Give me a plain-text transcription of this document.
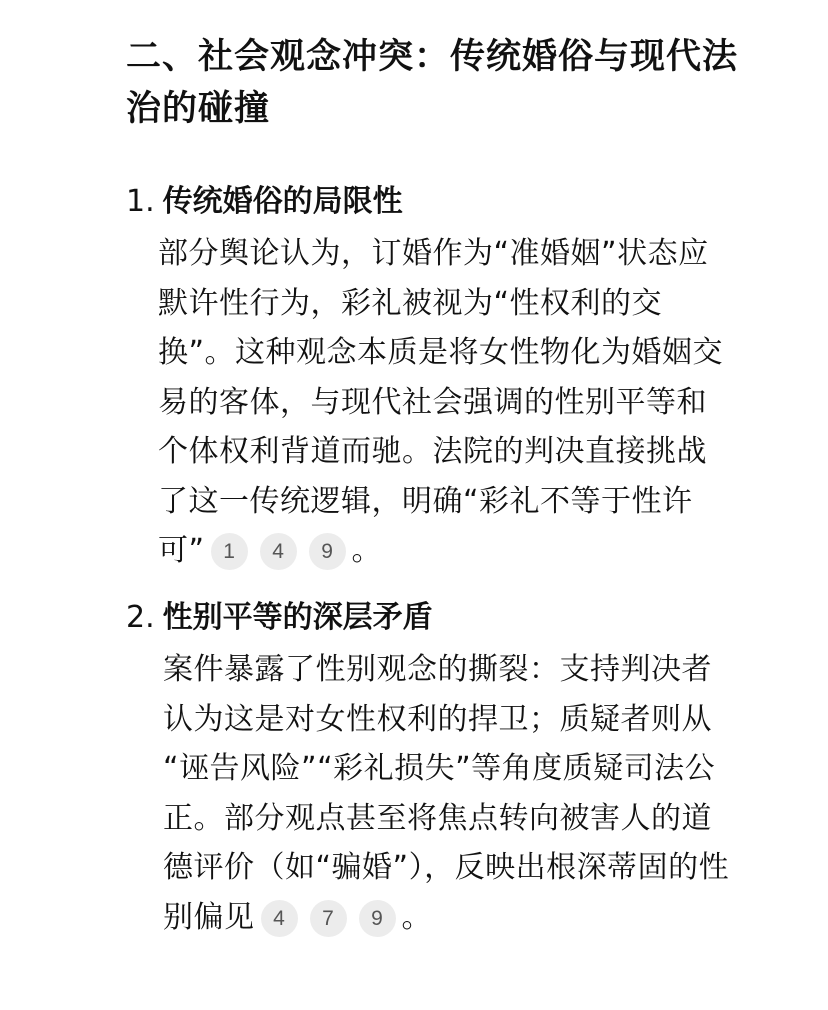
二、社会观念冲突：传统婚俗与现代法
治的碰撞
1. 传统婚俗的局限性
部分舆论认为，订婚作为“准婚姻”状态应
默许性行为，彩礼被视为“性权利的交
换”。这种观念本质是将女性物化为婚姻交
易的客体，与现代社会强调的性别平等和
个体权利背道而驰。法院的判决直接挑战
了这一传统逻辑，明确“彩礼不等于性许
可” 1 4 9 。
2. 性别平等的深层矛盾
案件暴露了性别观念的撕裂：支持判决者
认为这是对女性权利的捍卫；质疑者则从
“诬告风险”“彩礼损失”等角度质疑司法公
正。部分观点甚至将焦点转向被害人的道
德评价（如“骗婚”），反映出根深蒂固的性
别偏见 4 7 9 。
